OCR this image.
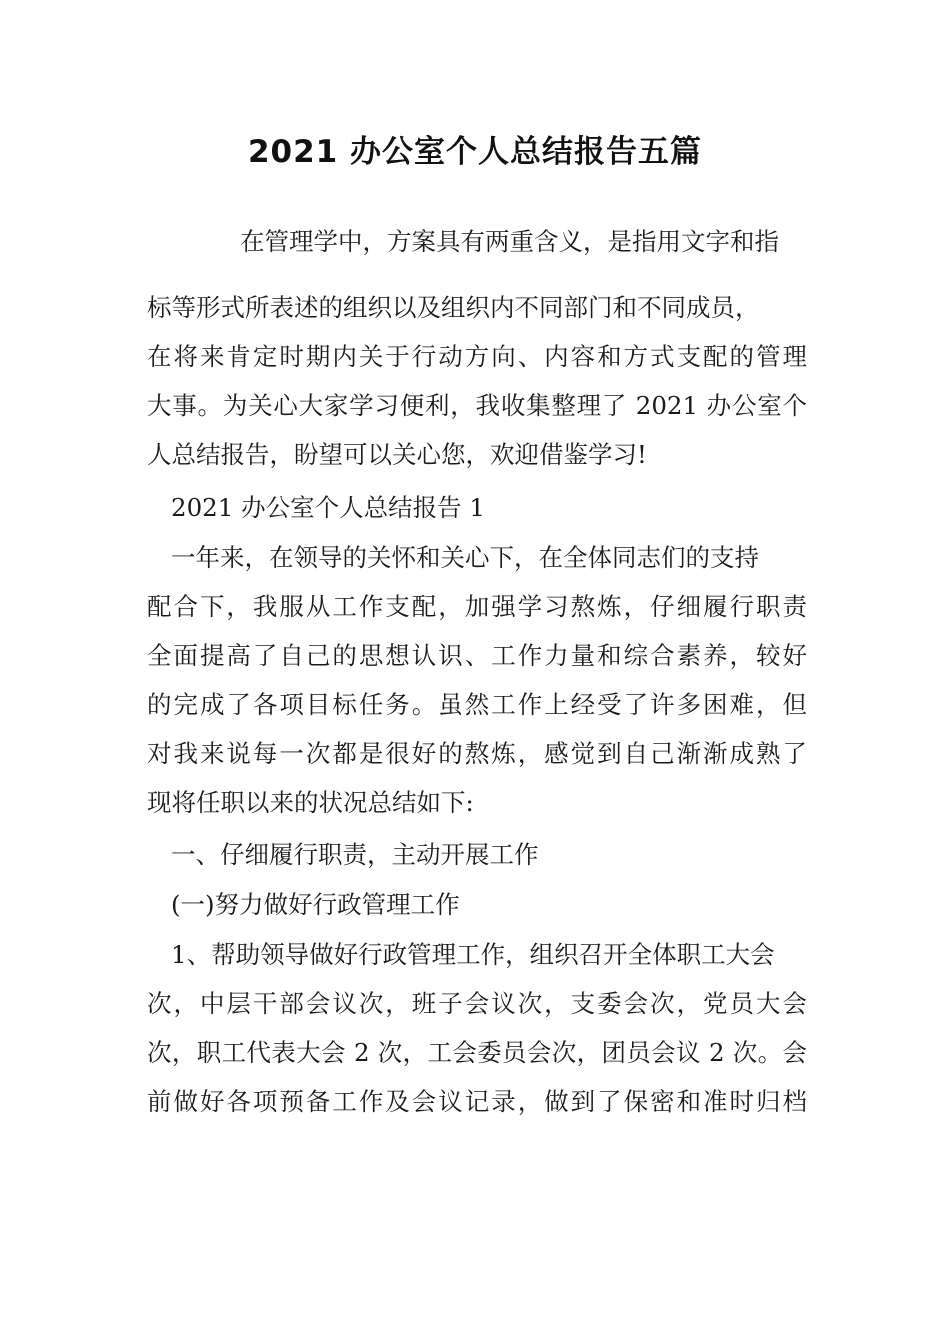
2021 办公室个人总结报告五篇
在管理学中，方案具有两重含义，是指用文字和指
标等形式所表述的组织以及组织内不同部门和不同成员，
在将来肯定时期内关于行动方向、内容和方式支配的管理
大事。为关心大家学习便利，我收集整理了 2021 办公室个
人总结报告，盼望可以关心您，欢迎借鉴学习!
2021 办公室个人总结报告 1
一年来，在领导的关怀和关心下，在全体同志们的支持
配合下，我服从工作支配，加强学习熬炼，仔细履行职责
全面提高了自己的思想认识、工作力量和综合素养，较好
的完成了各项目标任务。虽然工作上经受了许多困难，但
对我来说每一次都是很好的熬炼，感觉到自己渐渐成熟了
现将任职以来的状况总结如下:
一、仔细履行职责，主动开展工作
(一)努力做好行政管理工作
1、帮助领导做好行政管理工作，组织召开全体职工大会
次，中层干部会议次，班子会议次，支委会次，党员大会
次，职工代表大会 2 次，工会委员会次，团员会议 2 次。会
前做好各项预备工作及会议记录，做到了保密和准时归档
